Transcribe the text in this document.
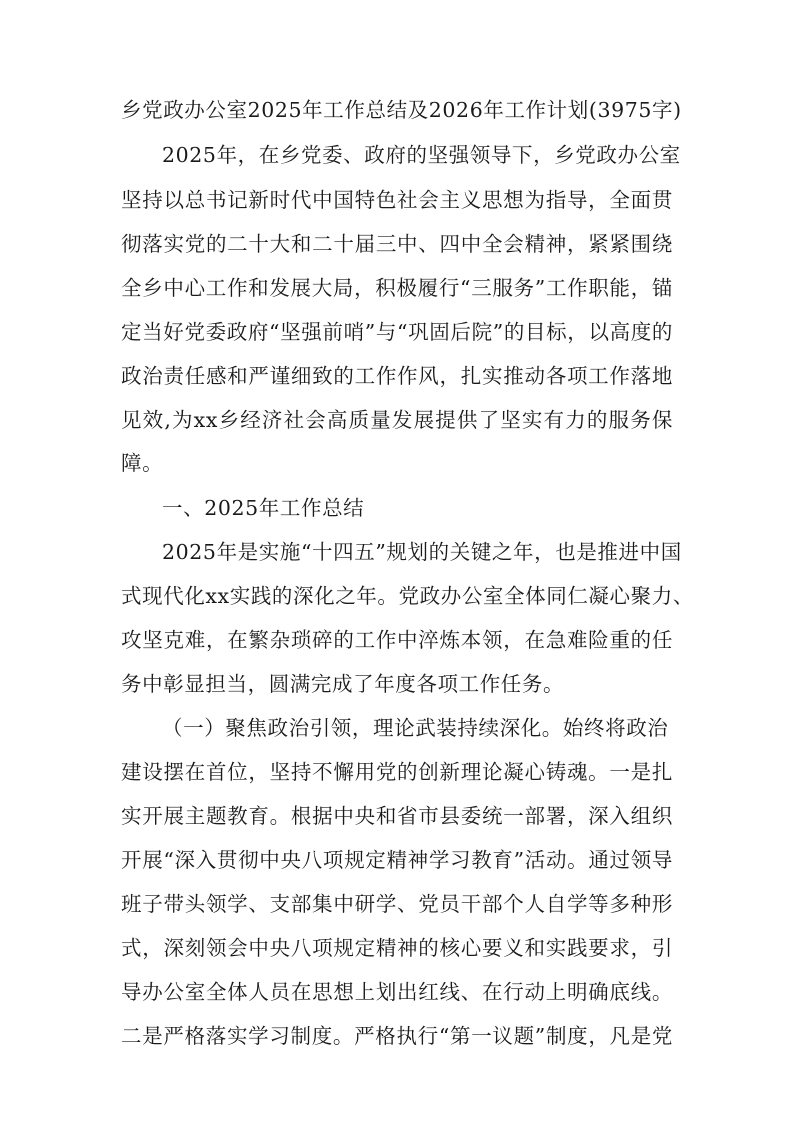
乡党政办公室2025年工作总结及2026年工作计划(3975字)
2025年，在乡党委、政府的坚强领导下，乡党政办公室
坚持以总书记新时代中国特色社会主义思想为指导，全面贯
彻落实党的二十大和二十届三中、四中全会精神，紧紧围绕
全乡中心工作和发展大局，积极履行“三服务”工作职能，锚
定当好党委政府“坚强前哨”与“巩固后院”的目标，以高度的
政治责任感和严谨细致的工作作风，扎实推动各项工作落地
见效,为xx乡经济社会高质量发展提供了坚实有力的服务保
障。
一、2025年工作总结
2025年是实施“十四五”规划的关键之年，也是推进中国
式现代化xx实践的深化之年。党政办公室全体同仁凝心聚力、
攻坚克难，在繁杂琐碎的工作中淬炼本领，在急难险重的任
务中彰显担当，圆满完成了年度各项工作任务。
（一）聚焦政治引领，理论武装持续深化。始终将政治
建设摆在首位，坚持不懈用党的创新理论凝心铸魂。一是扎
实开展主题教育。根据中央和省市县委统一部署，深入组织
开展“深入贯彻中央八项规定精神学习教育”活动。通过领导
班子带头领学、支部集中研学、党员干部个人自学等多种形
式，深刻领会中央八项规定精神的核心要义和实践要求，引
导办公室全体人员在思想上划出红线、在行动上明确底线。
二是严格落实学习制度。严格执行“第一议题”制度，凡是党
